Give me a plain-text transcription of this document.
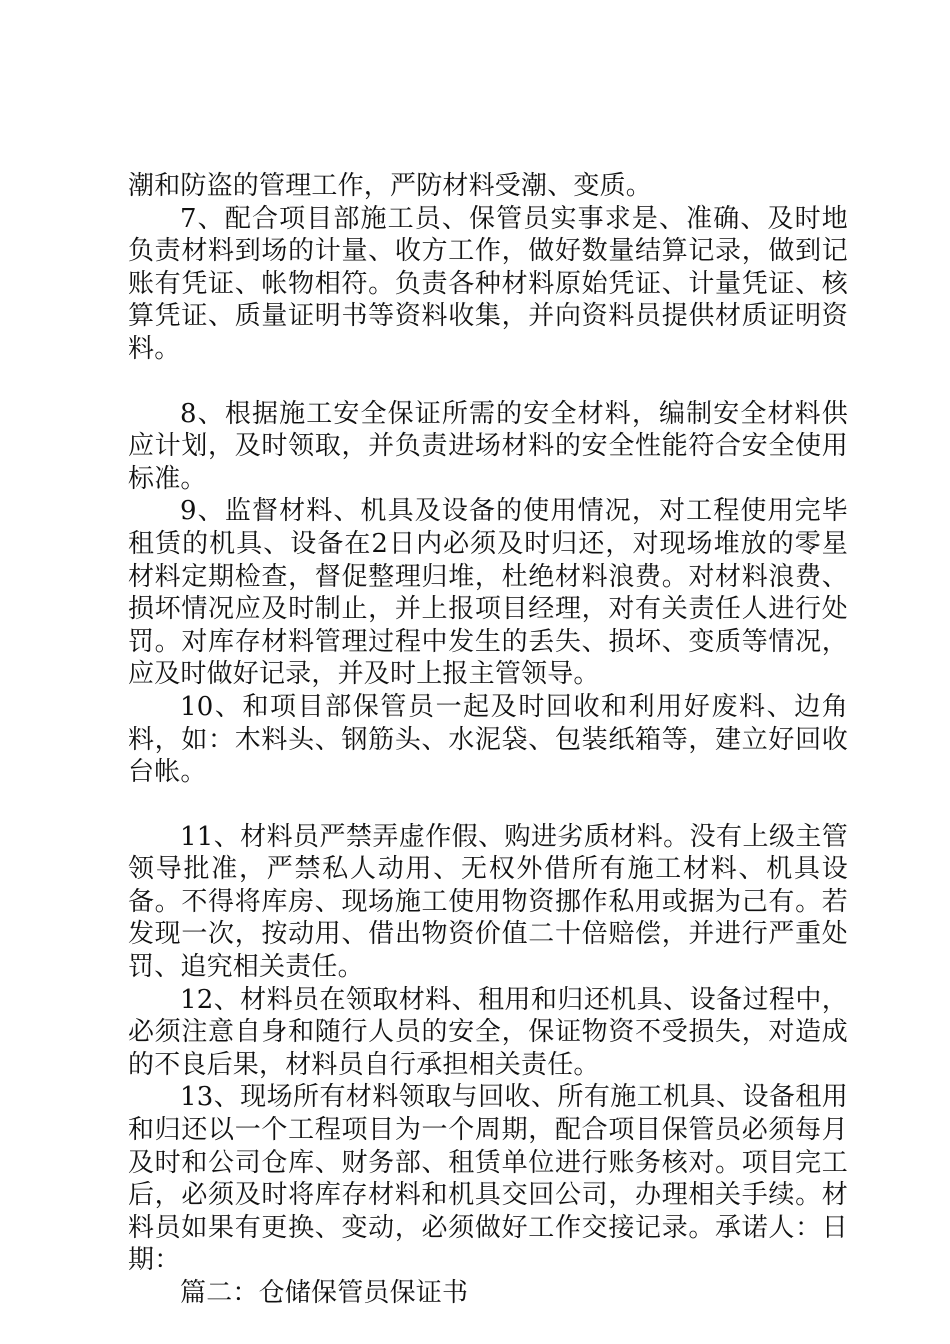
潮和防盗的管理工作，严防材料受潮、变质。

7、配合项目部施工员、保管员实事求是、准确、及时地负责材料到场的计量、收方工作，做好数量结算记录，做到记账有凭证、帐物相符。负责各种材料原始凭证、计量凭证、核算凭证、质量证明书等资料收集，并向资料员提供材质证明资料。

8、根据施工安全保证所需的安全材料，编制安全材料供应计划，及时领取，并负责进场材料的安全性能符合安全使用标准。

9、监督材料、机具及设备的使用情况，对工程使用完毕租赁的机具、设备在2日内必须及时归还，对现场堆放的零星材料定期检查，督促整理归堆，杜绝材料浪费。对材料浪费、损坏情况应及时制止，并上报项目经理，对有关责任人进行处罚。对库存材料管理过程中发生的丢失、损坏、变质等情况，应及时做好记录，并及时上报主管领导。

10、和项目部保管员一起及时回收和利用好废料、边角料，如：木料头、钢筋头、水泥袋、包装纸箱等，建立好回收台帐。

11、材料员严禁弄虚作假、购进劣质材料。没有上级主管领导批准，严禁私人动用、无权外借所有施工材料、机具设备。不得将库房、现场施工使用物资挪作私用或据为己有。若发现一次，按动用、借出物资价值二十倍赔偿，并进行严重处罚、追究相关责任。

12、材料员在领取材料、租用和归还机具、设备过程中，必须注意自身和随行人员的安全，保证物资不受损失，对造成的不良后果，材料员自行承担相关责任。

13、现场所有材料领取与回收、所有施工机具、设备租用和归还以一个工程项目为一个周期，配合项目保管员必须每月及时和公司仓库、财务部、租赁单位进行账务核对。项目完工后，必须及时将库存材料和机具交回公司，办理相关手续。材料员如果有更换、变动，必须做好工作交接记录。承诺人：日期：

篇二：仓储保管员保证书
